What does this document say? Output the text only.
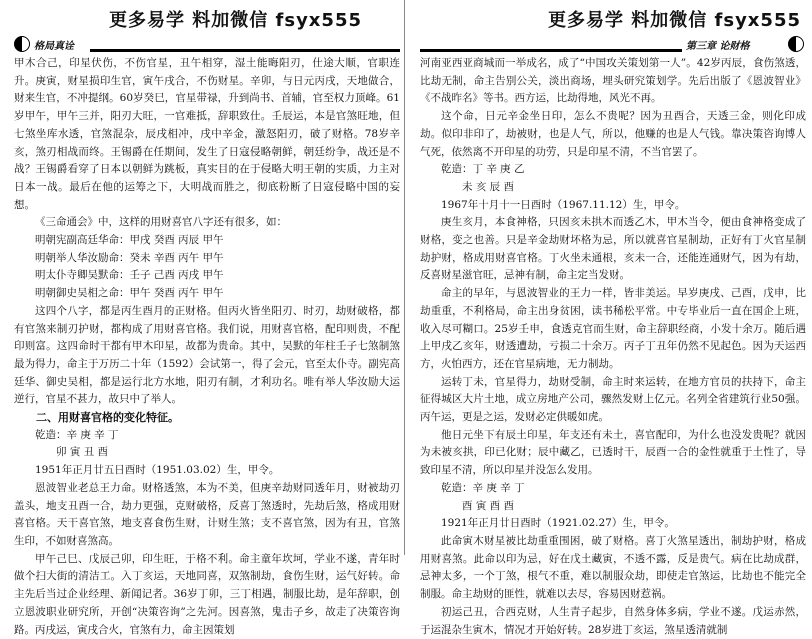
更多易学 料加微信 fsyx555
格局真诠

甲木合己，印星伏伤，不伤官星，丑午相穿，湿土能晦阳刃，仕途大顺，官职连升。庚寅，财星损印生官，寅午戌合，不伤财星。辛卯，与日元丙戌，天地做合，财来生官，不冲提纲。60岁癸巳，官星带禄，升到尚书、首辅，官至权力顶峰。61岁甲午，甲午三并，阳刃大旺，一官难抵，辞职致仕。壬辰运，本是官煞旺地，但七煞坐库水透，官煞混杂，辰戌相冲，戌中辛金，激怒阳刃，破了财格。78岁辛亥，煞刃相战而终。王锡爵在任期间，发生了日寇侵略朝鲜，朝廷纷争，战还是不战？王锡爵看穿了日本以朝鲜为跳板，真实目的在于侵略大明王朝的实质，力主对日本一战。最后在他的运筹之下，大明战而胜之，彻底粉断了日寇侵略中国的妄想。

《三命通会》中，这样的用财喜官八字还有很多，如：

明朝宪副高廷华命：甲戌 癸酉 丙辰 甲午

明朝举人华汝励命：癸未 辛酉 丙午 甲午

明太仆寺卿吴默命：壬子 己酉 丙戌 甲午

明朝御史吴相之命：甲午 癸酉 丙午 甲午

这四个八字，都是丙生酉月的正财格。但丙火皆坐阳刃、时刃，劫财破格，都有官煞来制刃护财，都构成了用财喜官格。我们说，用财喜官格，配印则贵，不配印则富。这四命时干都有甲木印星，故都为贵命。其中，吴默的年柱壬子七煞制煞最为得力，命主于万历二十年（1592）会试第一，得了会元，官至太仆寺。副宪高廷华、御史吴相，都是运行北方水地，阳刃有制，才利功名。唯有举人华汝励大运逆行，官星不甚力，故只中了举人。

二、用财喜官格的变化特征。

乾造：辛 庚 辛 丁

卯 寅 丑 酉

1951年正月廿五日酉时（1951.03.02）生，甲令。

恩波智业老总王力命。财格透煞，本为不美，但庚辛劫财同透年月，财被劫刃盖头，地支丑酉一合，劫力更强，克财破格，反喜丁煞透时，先劫后煞，格成用财喜官格。天干喜官煞，地支喜食伤生财，计财生煞；支不喜官煞，因为有丑，官煞生印，不如财喜煞高。

甲午己巳、戊辰己卯，印生旺，于格不利。命主童年坎坷，学业不遂，青年时做个扫大街的清洁工。入丁亥运，天地同喜，双煞制劫，食伤生财，运气好转。命主先后当过企业经理、新闻记者。36岁丁卯，三丁相遇，制服比劫，是年辞职，创立恩波职业研究所，开创“决策咨询”之先河。因喜煞，鬼击子乡，故走了决策咨询路。丙戌运，寅戌合火，官煞有力，命主因策划

更多易学 料加微信 fsyx555
第三章 论财格

河南亚西亚商城而一举成名，成了“中国攻关策划第一人”。42岁丙辰，食伤煞透，比劫无制，命主告别公关，淡出商场，埋头研究策划学。先后出版了《恩波智业》《不战昨名》等书。西方运，比劫得地，风光不再。

这个命，日元辛金坐日印，怎么不贵呢？因为丑酉合，天透三金，则化印成劫。似印非印了，劫被财，也是人气，所以，他赚的也是人气钱。靠决策咨询博人气死，依然离不开印星的功劳，只是印星不清，不当官罢了。

乾造：丁 辛 庚 乙

未 亥 辰 酉

1967年十月十一日酉时（1967.11.12）生，甲令。

庚生亥月，本食神格，只因亥未拱木而透乙木，甲木当令，便由食神格变成了财格，变之也善。只是辛金劫财坏格为忌，所以就喜官星制劫，正好有丁火官星制劫护财，格成用财喜官格。丁火坐未通根，亥未一合，还能连通财气，因为有劫，反喜财星滋官旺，忌神有制，命主定当发财。

命主的早年，与恩波智业的王力一样，皆非美运。早岁庚戌、己酉，戊申，比劫重重，不利格局，命主出身贫困，读书稀松平常。中专毕业后一直在国企上班，收入尽可糊口。25岁壬申，食透克官而生财，命主辞职经商，小发十余万。随后遇上甲戌乙亥年，财透遭劫，亏损二十余万。丙子丁丑年仍然不见起色。因为天运西方，火怕西方，还在官星病地，无力制劫。

运转丁未，官星得力，劫财受制，命主时来运转，在地方官员的扶持下，命主征得城区大片土地，成立房地产公司，骤然发财上亿元。名列全省建筑行业50强。丙午运，更是之运，发财必定供暖如虎。

他日元坐下有辰土印星，年支还有未土，喜官配印，为什么也没发贵呢？就因为未被亥拱，印已化财；辰中藏乙，已透时干，辰酉一合的金性就重于土性了，导致印星不清，所以印星并没怎么发用。

乾造：辛 庚 辛 丁

酉 寅 酉 酉

1921年正月廿日酉时（1921.02.27）生，甲令。

此命寅木财星被比劫重重围困，破了财格。喜丁火煞星透出，制劫护财，格成用财喜煞。此命以印为忌，好在戊土藏寅，不透不露，反是贵气。病在比劫成群，忌神太多，一个丁煞，根气不重，难以制服众劫，即使走官煞运，比劫也不能完全制服。命主劫财的匪性，就难以去尽，容易因财惹祸。

初运己丑，合西克财，人生青子起步，自然身体多病，学业不遂。戊运赤然，于运混杂生寅木，情况才开始好转。28岁进丁亥运，煞星透清就制
